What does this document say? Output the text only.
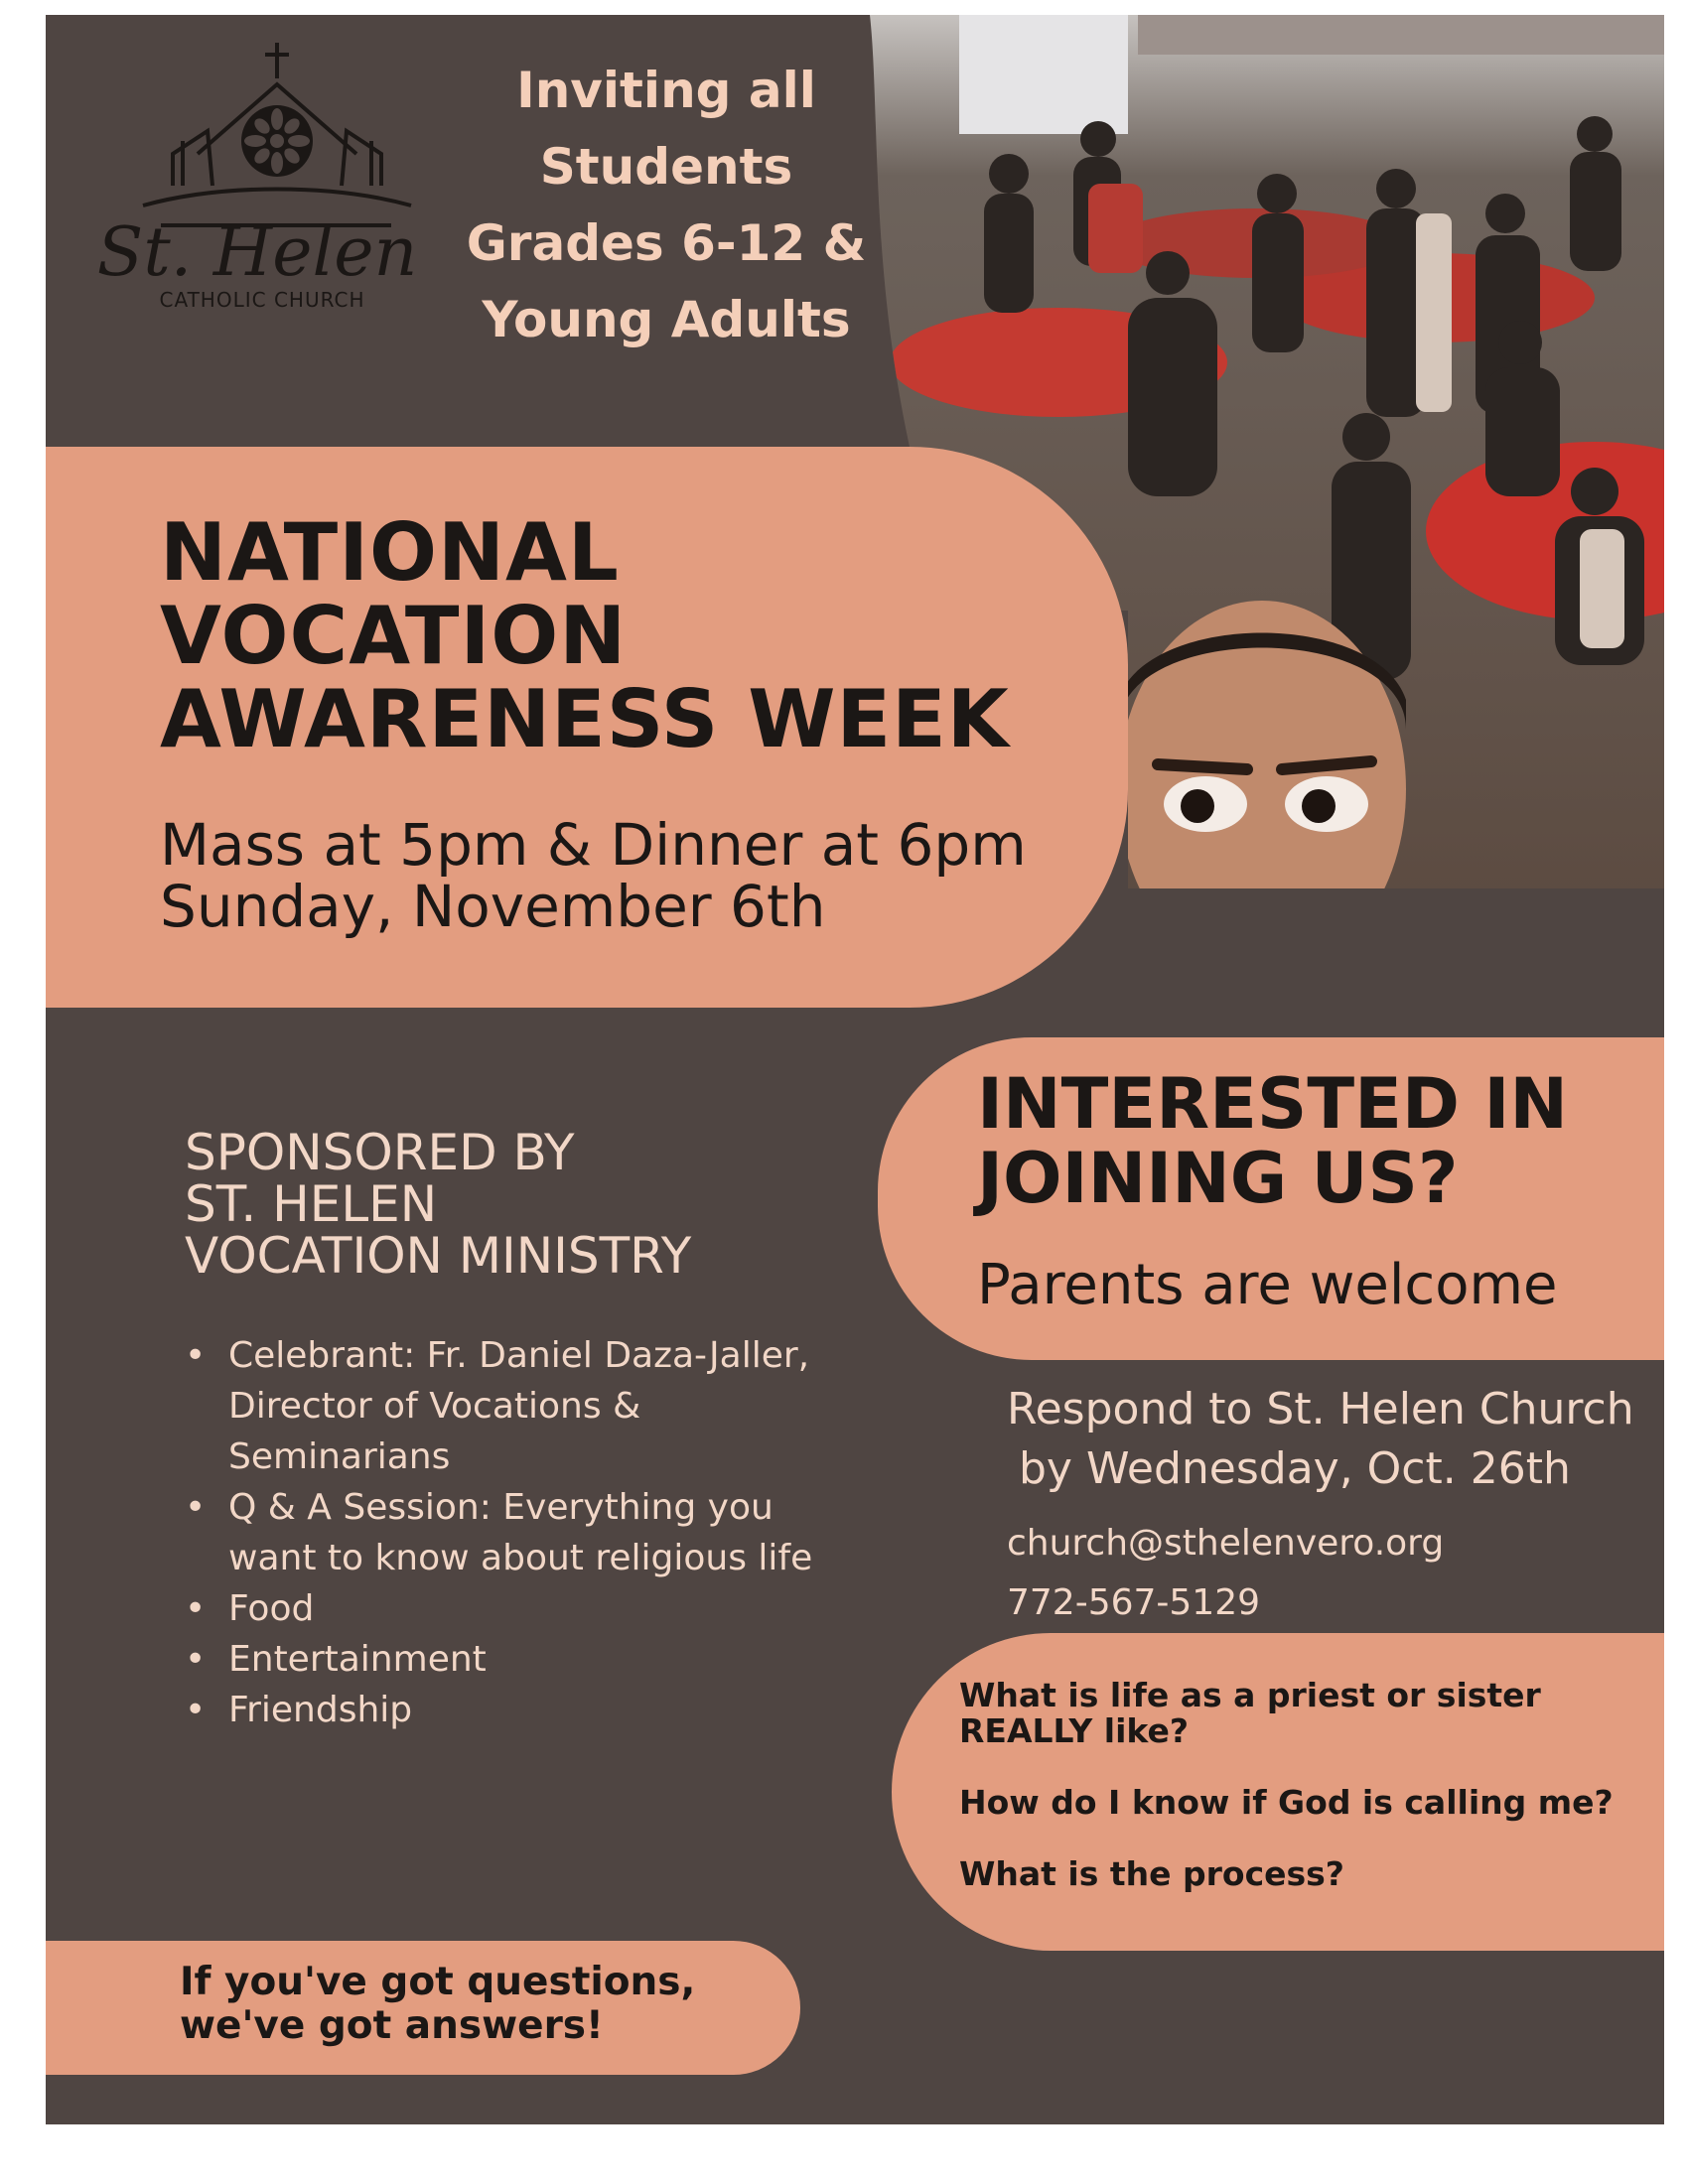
St. Helen
CATHOLIC CHURCH
Inviting all
Students
Grades 6-12 &
Young Adults
NATIONAL
VOCATION
AWARENESS WEEK
Mass at 5pm & Dinner at 6pm
Sunday, November 6th
SPONSORED BY
ST. HELEN
VOCATION MINISTRY
• Celebrant: Fr. Daniel Daza-Jaller, Director of Vocations & Seminarians
• Q & A Session: Everything you want to know about religious life
• Food
• Entertainment
• Friendship
If you've got questions,
we've got answers!
INTERESTED IN
JOINING US?
Parents are welcome
Respond to St. Helen Church
by Wednesday, Oct. 26th
church@sthelenvero.org
772-567-5129
What is life as a priest or sister REALLY like?
How do I know if God is calling me?
What is the process?
